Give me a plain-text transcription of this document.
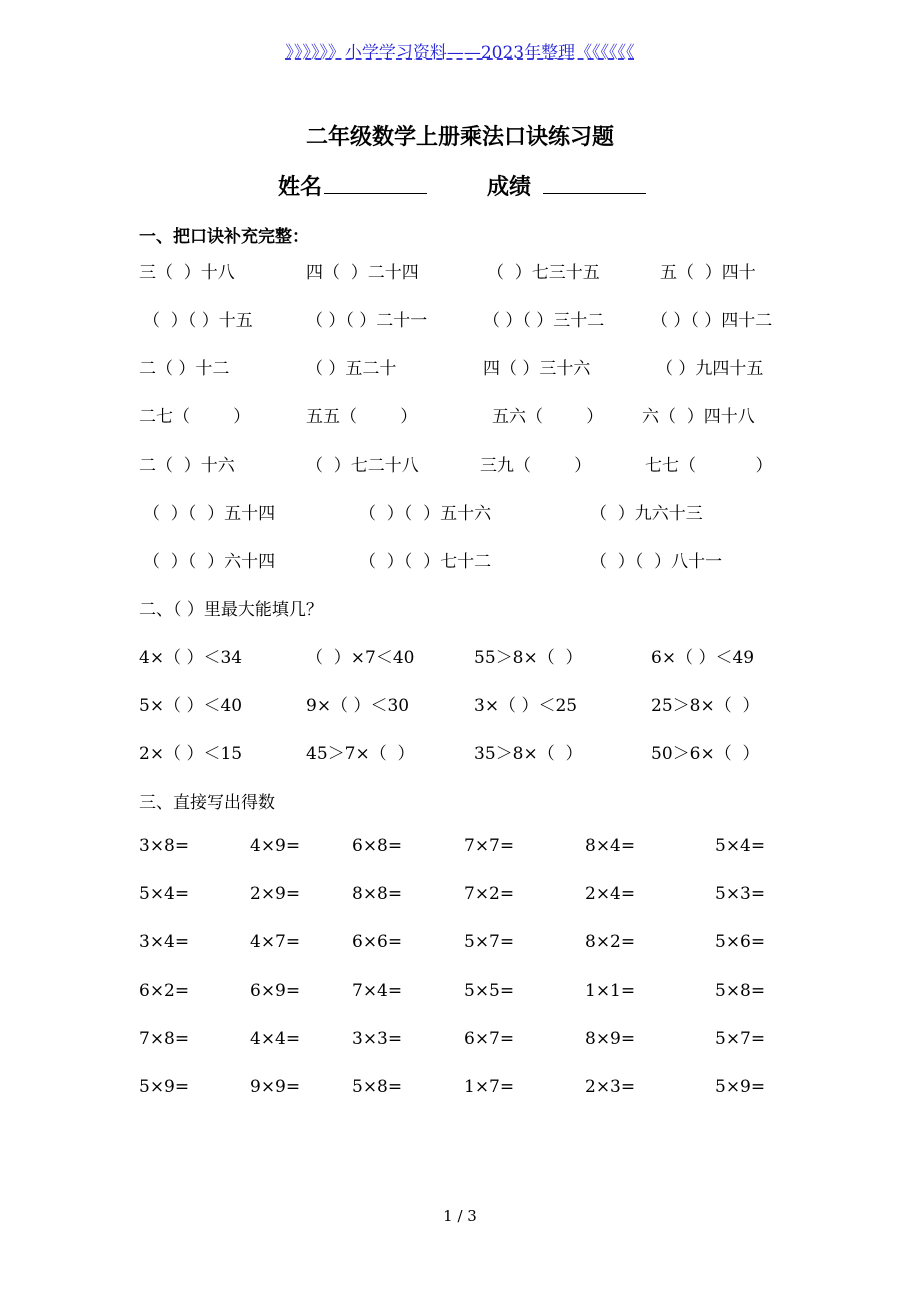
》》》》》》小学学习资料——2023年整理《《《《《《
二年级数学上册乘法口诀练习题
姓名	成绩
一、把口诀补充完整：
三（  ）十八	四（  ）二十四	（  ）七三十五	五（  ）四十
（  ）（ ）十五	（ ）（ ）二十一	（ ）（ ）三十二	（ ）（ ）四十二
二（ ）十二	（ ）五二十	四（ ）三十六	（ ）九四十五
二七（        ）	五五（        ）	五六（        ） 六（  ）四十八
二（  ）十六	（  ）七二十八	三九（        ）	七七（           ）
（  ）（  ）五十四	（  ）（  ）五十六	（  ）九六十三
（  ）（  ）六十四	（  ）（  ）七十二	（  ）（  ）八十一
二、（ ）里最大能填几？
4×（ ）＜34	（  ）×7＜40	55＞8×（  ）	6×（ ）＜49
5×（ ）＜40	9×（ ）＜30	3×（ ）＜25	25＞8×（  ）
2×（ ）＜15	45＞7×（  ）	35＞8×（  ）	50＞6×（  ）
三、直接写出得数
3×8=	4×9=	6×8=	7×7=	8×4=	5×4=
5×4=	2×9=	8×8=	7×2=	2×4=	5×3=
3×4=	4×7=	6×6=	5×7=	8×2=	5×6=
6×2=	6×9=	7×4=	5×5=	1×1=	5×8=
7×8=	4×4=	3×3=	6×7=	8×9=	5×7=
5×9=	9×9=	5×8=	1×7=	2×3=	5×9=
1 / 3
